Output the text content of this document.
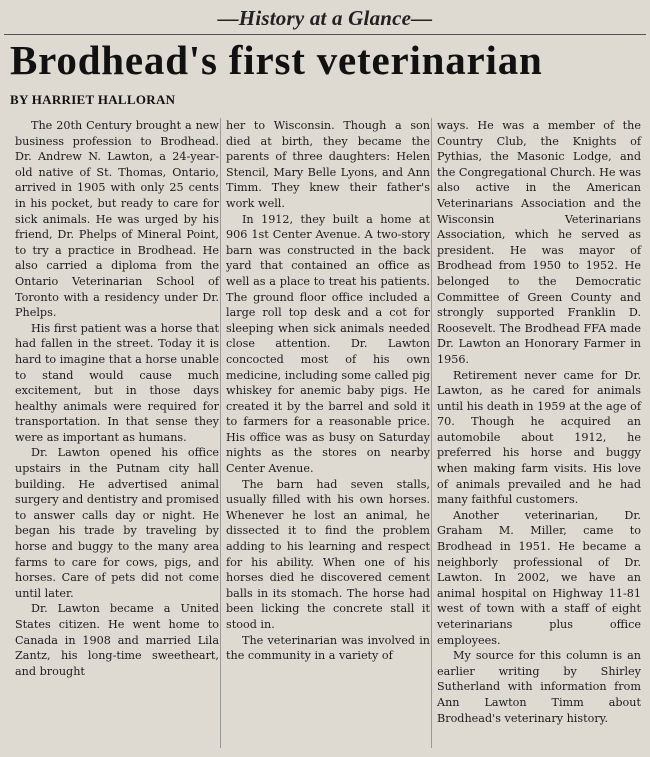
—History at a Glance—
Brodhead's first veterinarian
BY HARRIET HALLORAN

The 20th Century brought a new business profession to Brodhead. Dr. Andrew N. Lawton, a 24-year-old native of St. Thomas, Ontario, arrived in 1905 with only 25 cents in his pocket, but ready to care for sick animals. He was urged by his friend, Dr. Phelps of Mineral Point, to try a practice in Brodhead. He also carried a diploma from the Ontario Veterinarian School of Toronto with a residency under Dr. Phelps.

His first patient was a horse that had fallen in the street. Today it is hard to imagine that a horse unable to stand would cause much excitement, but in those days healthy animals were required for transportation. In that sense they were as important as humans.

Dr. Lawton opened his office upstairs in the Putnam city hall building. He advertised animal surgery and dentistry and promised to answer calls day or night. He began his trade by traveling by horse and buggy to the many area farms to care for cows, pigs, and horses. Care of pets did not come until later.

Dr. Lawton became a United States citizen. He went home to Canada in 1908 and married Lila Zantz, his long-time sweetheart, and brought

her to Wisconsin. Though a son died at birth, they became the parents of three daughters: Helen Stencil, Mary Belle Lyons, and Ann Timm. They knew their father's work well.

In 1912, they built a home at 906 1st Center Avenue. A two-story barn was constructed in the back yard that contained an office as well as a place to treat his patients. The ground floor office included a large roll top desk and a cot for sleeping when sick animals needed close attention. Dr. Lawton concocted most of his own medicine, including some called pig whiskey for anemic baby pigs. He created it by the barrel and sold it to farmers for a reasonable price. His office was as busy on Saturday nights as the stores on nearby Center Avenue.

The barn had seven stalls, usually filled with his own horses. Whenever he lost an animal, he dissected it to find the problem adding to his learning and respect for his ability. When one of his horses died he discovered cement balls in its stomach. The horse had been licking the concrete stall it stood in.

The veterinarian was involved in the community in a variety of

ways. He was a member of the Country Club, the Knights of Pythias, the Masonic Lodge, and the Congregational Church. He was also active in the American Veterinarians Association and the Wisconsin Veterinarians Association, which he served as president. He was mayor of Brodhead from 1950 to 1952. He belonged to the Democratic Committee of Green County and strongly supported Franklin D. Roosevelt. The Brodhead FFA made Dr. Lawton an Honorary Farmer in 1956.

Retirement never came for Dr. Lawton, as he cared for animals until his death in 1959 at the age of 70. Though he acquired an automobile about 1912, he preferred his horse and buggy when making farm visits. His love of animals prevailed and he had many faithful customers.

Another veterinarian, Dr. Graham M. Miller, came to Brodhead in 1951. He became a neighborly professional of Dr. Lawton. In 2002, we have an animal hospital on Highway 11-81 west of town with a staff of eight veterinarians plus office employees.

My source for this column is an earlier writing by Shirley Sutherland with information from Ann Lawton Timm about Brodhead's veterinary history.
